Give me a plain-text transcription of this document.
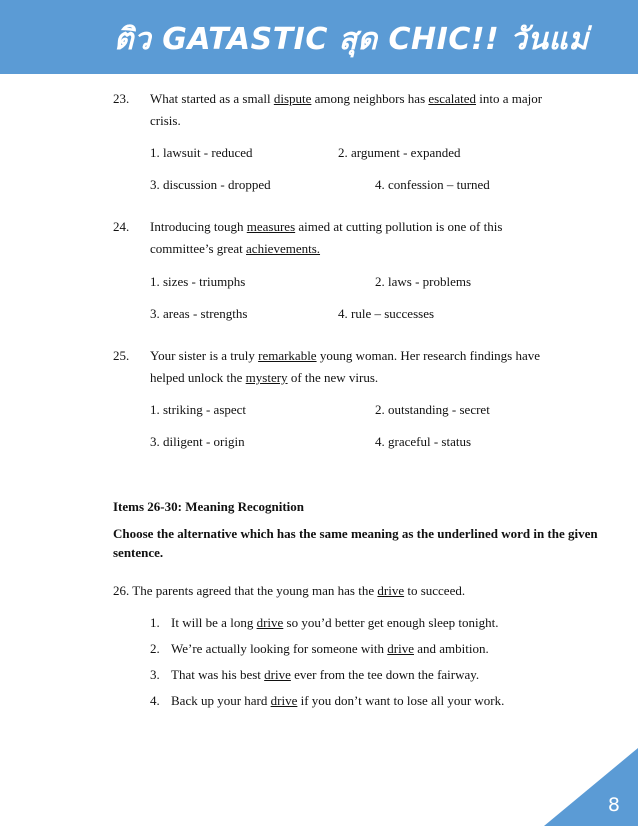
ติว GATASTIC สุด CHIC!! วันแม่
23. What started as a small dispute among neighbors has escalated into a major
crisis.
1. lawsuit - reduced	2. argument - expanded
3. discussion - dropped	4. confession – turned
24. Introducing tough measures aimed at cutting pollution is one of this
committee’s great achievements.
1. sizes - triumphs	2. laws - problems
3. areas - strengths	4. rule – successes
25. Your sister is a truly remarkable young woman. Her research findings have
helped unlock the mystery of the new virus.
1. striking - aspect	2. outstanding - secret
3. diligent - origin	4. graceful - status
Items 26-30: Meaning Recognition
Choose the alternative which has the same meaning as the underlined word in the given
sentence.
26. The parents agreed that the young man has the drive to succeed.
1. It will be a long drive so you’d better get enough sleep tonight.
2. We’re actually looking for someone with drive and ambition.
3. That was his best drive ever from the tee down the fairway.
4. Back up your hard drive if you don’t want to lose all your work.
8
